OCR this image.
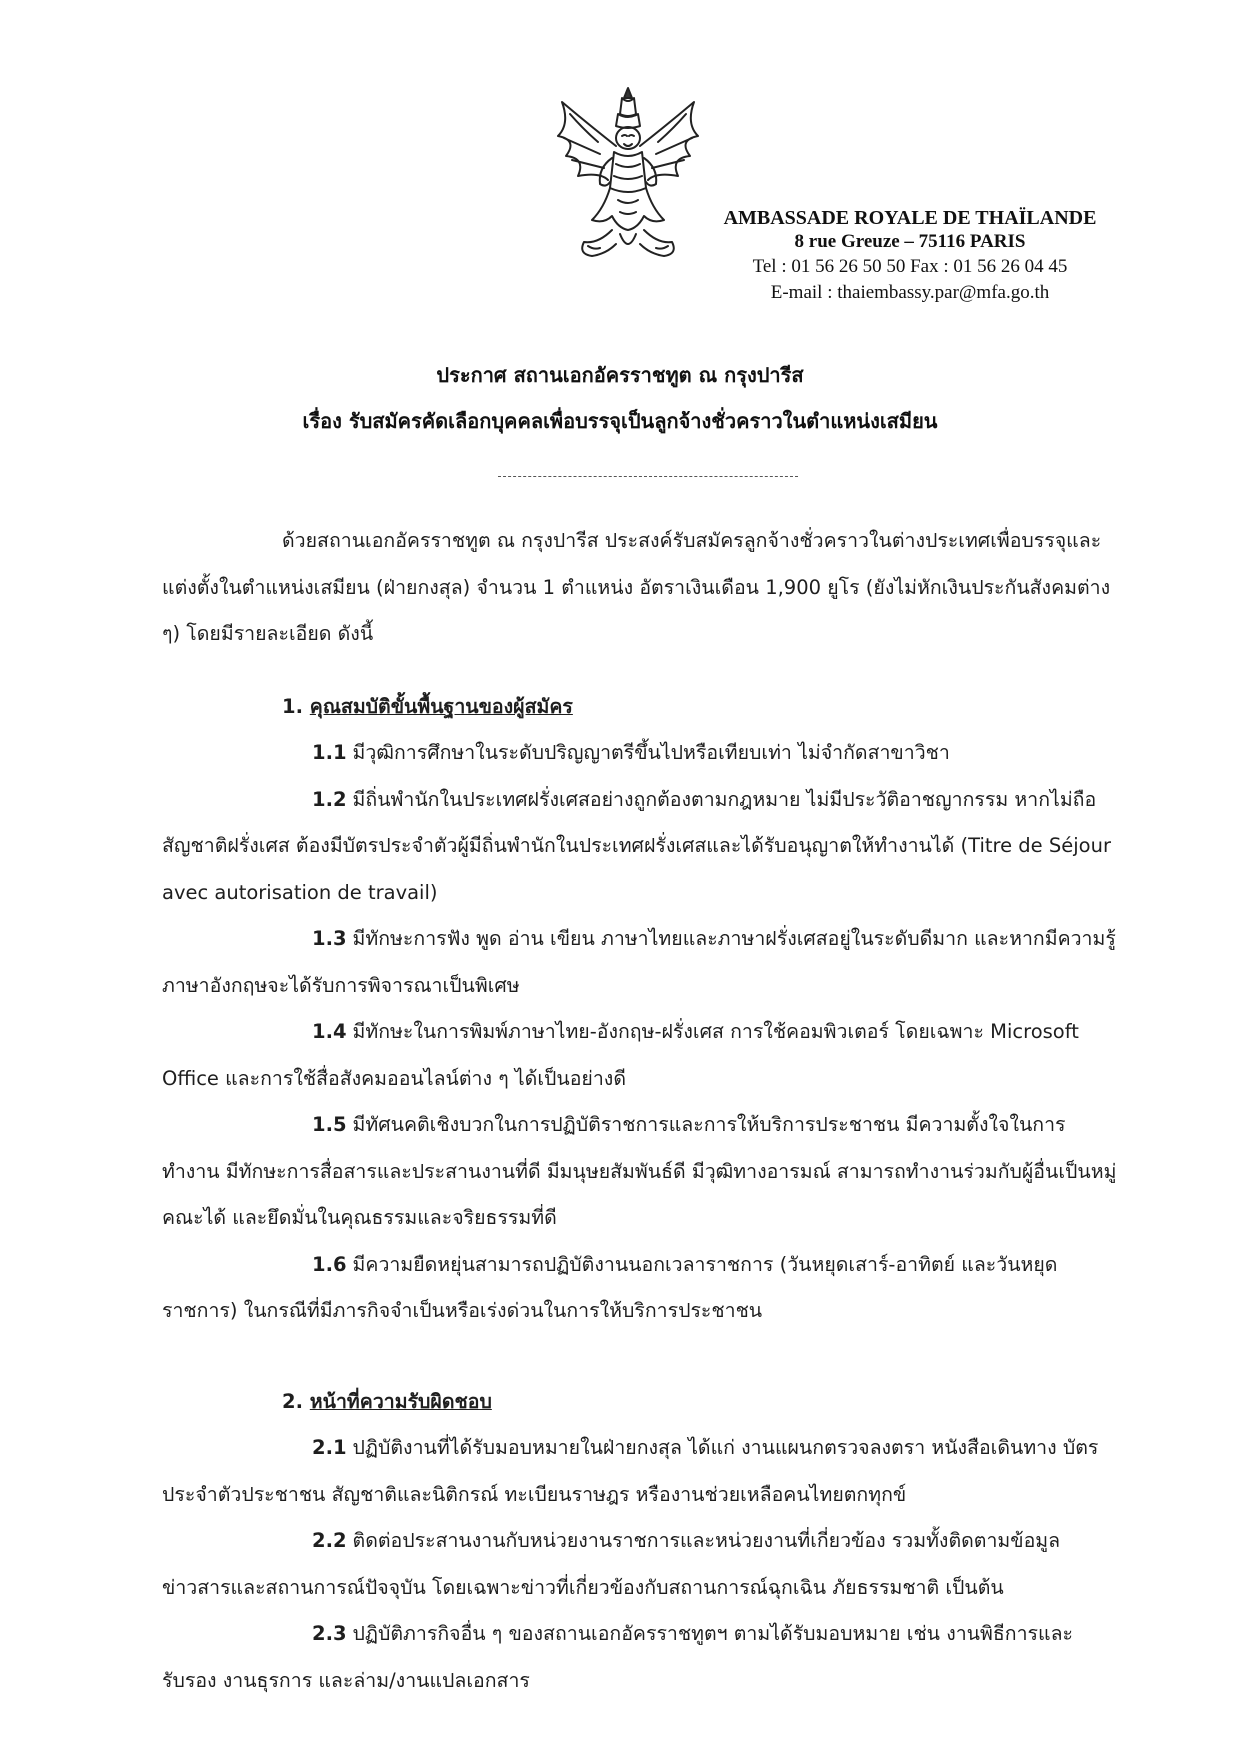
AMBASSADE ROYALE DE THAÏLANDE
8 rue Greuze – 75116 PARIS
Tel : 01 56 26 50 50 Fax : 01 56 26 04 45
E-mail : thaiembassy.par@mfa.go.th
ประกาศ สถานเอกอัครราชทูต ณ กรุงปารีส
เรื่อง รับสมัครคัดเลือกบุคคลเพื่อบรรจุเป็นลูกจ้างชั่วคราวในตำแหน่งเสมียน

ด้วยสถานเอกอัครราชทูต ณ กรุงปารีส ประสงค์รับสมัครลูกจ้างชั่วคราวในต่างประเทศเพื่อบรรจุและแต่งตั้งในตำแหน่งเสมียน (ฝ่ายกงสุล) จำนวน 1 ตำแหน่ง อัตราเงินเดือน 1,900 ยูโร (ยังไม่หักเงินประกันสังคมต่าง ๆ) โดยมีรายละเอียด ดังนี้

1. คุณสมบัติขั้นพื้นฐานของผู้สมัคร

1.1 มีวุฒิการศึกษาในระดับปริญญาตรีขึ้นไปหรือเทียบเท่า ไม่จำกัดสาขาวิชา

1.2 มีถิ่นพำนักในประเทศฝรั่งเศสอย่างถูกต้องตามกฎหมาย ไม่มีประวัติอาชญากรรม หากไม่ถือสัญชาติฝรั่งเศส ต้องมีบัตรประจำตัวผู้มีถิ่นพำนักในประเทศฝรั่งเศสและได้รับอนุญาตให้ทำงานได้ (Titre de Séjour avec autorisation de travail)

1.3 มีทักษะการฟัง พูด อ่าน เขียน ภาษาไทยและภาษาฝรั่งเศสอยู่ในระดับดีมาก และหากมีความรู้ภาษาอังกฤษจะได้รับการพิจารณาเป็นพิเศษ

1.4 มีทักษะในการพิมพ์ภาษาไทย-อังกฤษ-ฝรั่งเศส การใช้คอมพิวเตอร์ โดยเฉพาะ Microsoft Office และการใช้สื่อสังคมออนไลน์ต่าง ๆ ได้เป็นอย่างดี

1.5 มีทัศนคติเชิงบวกในการปฏิบัติราชการและการให้บริการประชาชน มีความตั้งใจในการทำงาน มีทักษะการสื่อสารและประสานงานที่ดี มีมนุษยสัมพันธ์ดี มีวุฒิทางอารมณ์ สามารถทำงานร่วมกับผู้อื่นเป็นหมู่คณะได้ และยึดมั่นในคุณธรรมและจริยธรรมที่ดี

1.6 มีความยืดหยุ่นสามารถปฏิบัติงานนอกเวลาราชการ (วันหยุดเสาร์-อาทิตย์ และวันหยุดราชการ) ในกรณีที่มีภารกิจจำเป็นหรือเร่งด่วนในการให้บริการประชาชน

2. หน้าที่ความรับผิดชอบ

2.1 ปฏิบัติงานที่ได้รับมอบหมายในฝ่ายกงสุล ได้แก่ งานแผนกตรวจลงตรา หนังสือเดินทาง บัตรประจำตัวประชาชน สัญชาติและนิติกรณ์ ทะเบียนราษฎร หรืองานช่วยเหลือคนไทยตกทุกข์

2.2 ติดต่อประสานงานกับหน่วยงานราชการและหน่วยงานที่เกี่ยวข้อง รวมทั้งติดตามข้อมูลข่าวสารและสถานการณ์ปัจจุบัน โดยเฉพาะข่าวที่เกี่ยวข้องกับสถานการณ์ฉุกเฉิน ภัยธรรมชาติ เป็นต้น

2.3 ปฏิบัติภารกิจอื่น ๆ ของสถานเอกอัครราชทูตฯ ตามได้รับมอบหมาย เช่น งานพิธีการและรับรอง งานธุรการ และล่าม/งานแปลเอกสาร
